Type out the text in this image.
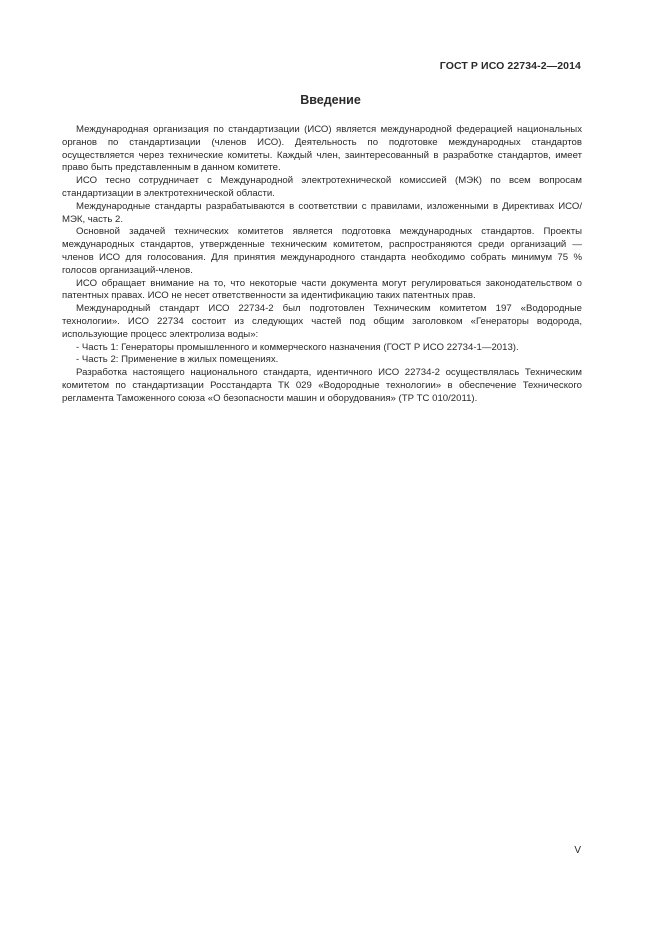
ГОСТ Р ИСО 22734-2—2014
Введение

Международная организация по стандартизации (ИСО) является международной федерацией национальных органов по стандартизации (членов ИСО). Деятельность по подготовке международных стандартов осуществляется через технические комитеты. Каждый член, заинтересованный в разработке стандартов, имеет право быть представленным в данном комитете.

ИСО тесно сотрудничает с Международной электротехнической комиссией (МЭК) по всем вопросам стандартизации в электротехнической области.

Международные стандарты разрабатываются в соответствии с правилами, изложенными в Директивах ИСО/МЭК, часть 2.

Основной задачей технических комитетов является подготовка международных стандартов. Проекты международных стандартов, утвержденные техническим комитетом, распространяются среди организаций — членов ИСО для голосования. Для принятия международного стандарта необходимо собрать минимум 75 % голосов организаций-членов.

ИСО обращает внимание на то, что некоторые части документа могут регулироваться законодательством о патентных правах. ИСО не несет ответственности за идентификацию таких патентных прав.

Международный стандарт ИСО 22734-2 был подготовлен Техническим комитетом 197 «Водородные технологии». ИСО 22734 состоит из следующих частей под общим заголовком «Генераторы водорода, использующие процесс электролиза воды»:

- Часть 1: Генераторы промышленного и коммерческого назначения (ГОСТ Р ИСО 22734-1—2013).

- Часть 2: Применение в жилых помещениях.

Разработка настоящего национального стандарта, идентичного ИСО 22734-2 осуществлялась Техническим комитетом по стандартизации Росстандарта ТК 029 «Водородные технологии» в обеспечение Технического регламента Таможенного союза «О безопасности машин и оборудования» (ТР ТС 010/2011).

V
